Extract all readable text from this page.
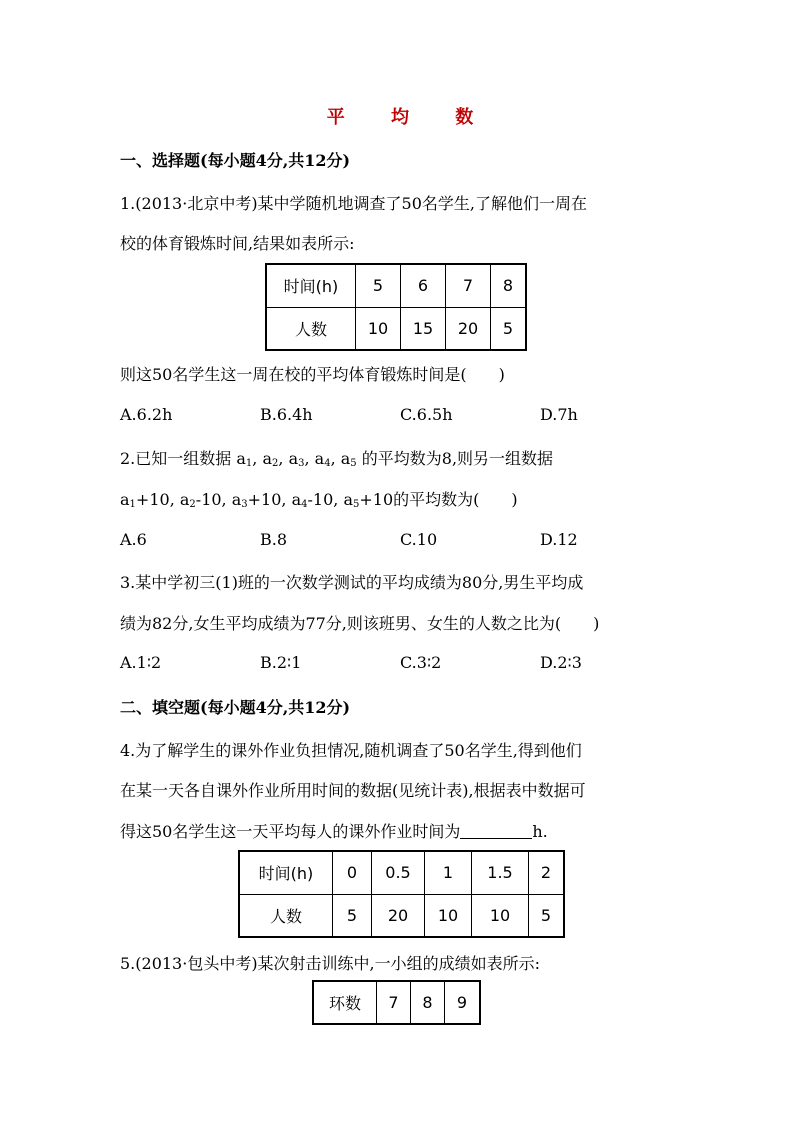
平 均 数
一、选择题(每小题4分,共12分)
1.(2013·北京中考)某中学随机地调查了50名学生,了解他们一周在
校的体育锻炼时间,结果如表所示:
时间(h)	5	6	7	8
人数	10	15	20	5
则这50名学生这一周在校的平均体育锻炼时间是(　　)
A.6.2h	B.6.4h	C.6.5h	D.7h
2.已知一组数据 $a_1$, $a_2$, $a_3$, $a_4$, $a_5$ 的平均数为8,则另一组数据
$a_1+10$, $a_2-10$, $a_3+10$, $a_4-10$, $a_5+10$的平均数为(　　)
A.6	B.8	C.10	D.12
3.某中学初三(1)班的一次数学测试的平均成绩为80分,男生平均成
绩为82分,女生平均成绩为77分,则该班男、女生的人数之比为(　　)
A.1∶2	B.2∶1	C.3∶2	D.2∶3
二、填空题(每小题4分,共12分)
4.为了解学生的课外作业负担情况,随机调查了50名学生,得到他们
在某一天各自课外作业所用时间的数据(见统计表),根据表中数据可
得这50名学生这一天平均每人的课外作业时间为	h.
时间(h)	0	0.5	1	1.5	2
人数	5	20	10	10	5
5.(2013·包头中考)某次射击训练中,一小组的成绩如表所示:
环数	7	8	9
